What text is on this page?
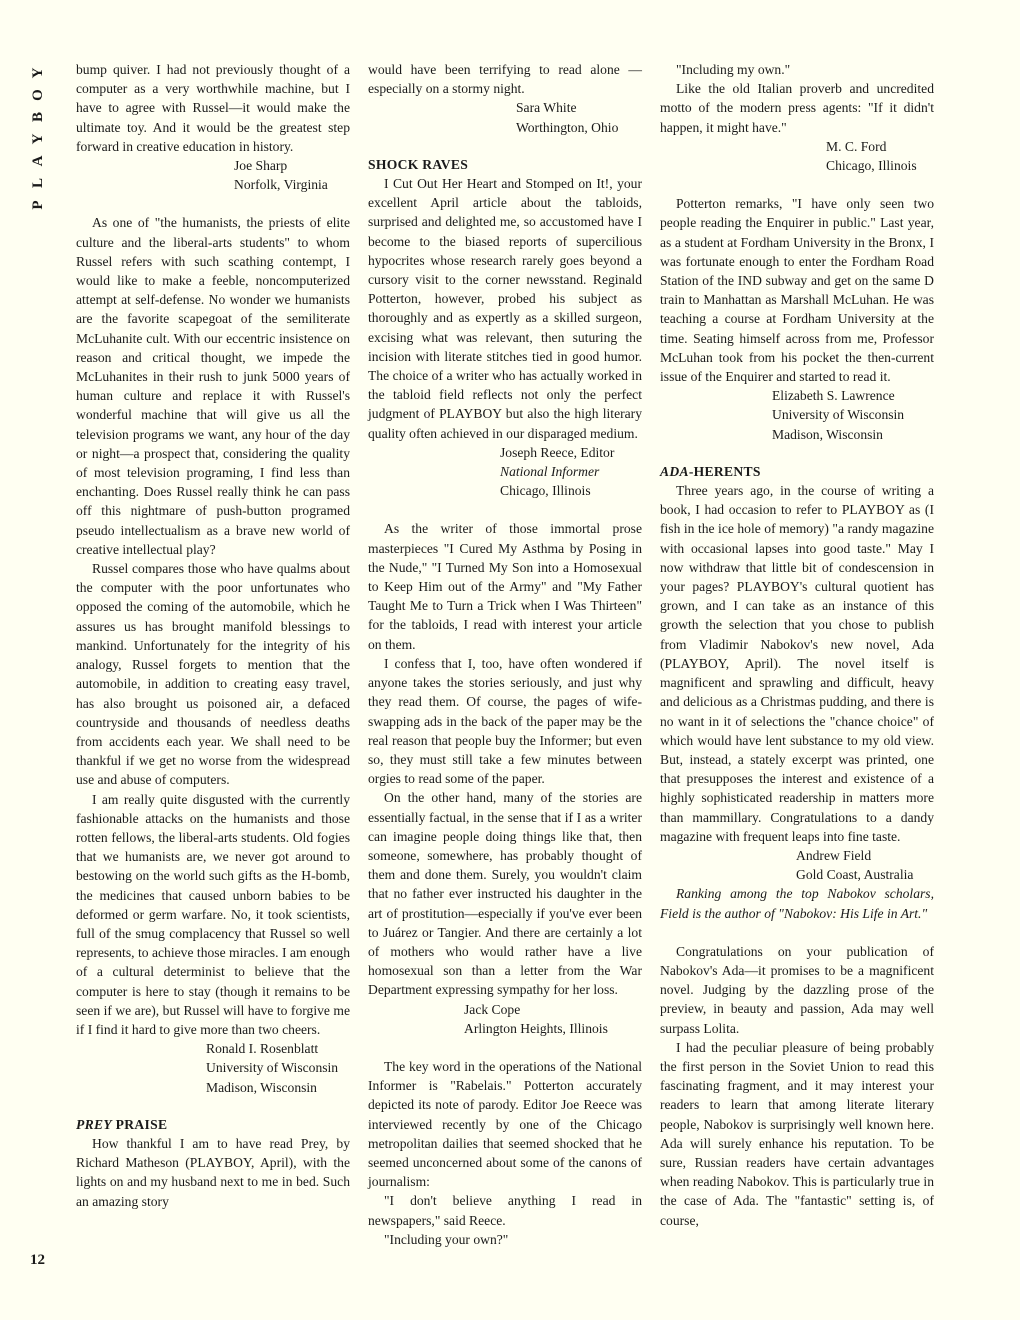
Y
O
B
Y
A
L
P
12

bump quiver. I had not previously thought of a computer as a very worthwhile machine, but I have to agree with Russel—it would make the ultimate toy. And it would be the greatest step forward in creative education in history.

Joe Sharp

Norfolk, Virginia

As one of "the humanists, the priests of elite culture and the liberal-arts students" to whom Russel refers with such scathing contempt, I would like to make a feeble, noncomputerized attempt at self-defense. No wonder we humanists are the favorite scapegoat of the semiliterate McLuhanite cult. With our eccentric insistence on reason and critical thought, we impede the McLuhanites in their rush to junk 5000 years of human culture and replace it with Russel's wonderful machine that will give us all the television programs we want, any hour of the day or night—a prospect that, considering the quality of most television programing, I find less than enchanting. Does Russel really think he can pass off this nightmare of push-button programed pseudo intellectualism as a brave new world of creative intellectual play?

Russel compares those who have qualms about the computer with the poor unfortunates who opposed the coming of the automobile, which he assures us has brought manifold blessings to mankind. Unfortunately for the integrity of his analogy, Russel forgets to mention that the automobile, in addition to creating easy travel, has also brought us poisoned air, a defaced countryside and thousands of needless deaths from accidents each year. We shall need to be thankful if we get no worse from the widespread use and abuse of computers.

I am really quite disgusted with the currently fashionable attacks on the humanists and those rotten fellows, the liberal-arts students. Old fogies that we humanists are, we never got around to bestowing on the world such gifts as the H-bomb, the medicines that caused unborn babies to be deformed or germ warfare. No, it took scientists, full of the smug complacency that Russel so well represents, to achieve those miracles. I am enough of a cultural determinist to believe that the computer is here to stay (though it remains to be seen if we are), but Russel will have to forgive me if I find it hard to give more than two cheers.

Ronald I. Rosenblatt

University of Wisconsin

Madison, Wisconsin

PREY PRAISE

How thankful I am to have read Prey, by Richard Matheson (PLAYBOY, April), with the lights on and my husband next to me in bed. Such an amazing story

would have been terrifying to read alone —especially on a stormy night.

Sara White

Worthington, Ohio

SHOCK RAVES

I Cut Out Her Heart and Stomped on It!, your excellent April article about the tabloids, surprised and delighted me, so accustomed have I become to the biased reports of supercilious hypocrites whose research rarely goes beyond a cursory visit to the corner newsstand. Reginald Potterton, however, probed his subject as thoroughly and as expertly as a skilled surgeon, excising what was relevant, then suturing the incision with literate stitches tied in good humor. The choice of a writer who has actually worked in the tabloid field reflects not only the perfect judgment of PLAYBOY but also the high literary quality often achieved in our disparaged medium.

Joseph Reece, Editor

National Informer

Chicago, Illinois

As the writer of those immortal prose masterpieces "I Cured My Asthma by Posing in the Nude," "I Turned My Son into a Homosexual to Keep Him out of the Army" and "My Father Taught Me to Turn a Trick when I Was Thirteen" for the tabloids, I read with interest your article on them.

I confess that I, too, have often wondered if anyone takes the stories seriously, and just why they read them. Of course, the pages of wife-swapping ads in the back of the paper may be the real reason that people buy the Informer; but even so, they must still take a few minutes between orgies to read some of the paper.

On the other hand, many of the stories are essentially factual, in the sense that if I as a writer can imagine people doing things like that, then someone, somewhere, has probably thought of them and done them. Surely, you wouldn't claim that no father ever instructed his daughter in the art of prostitution—especially if you've ever been to Juárez or Tangier. And there are certainly a lot of mothers who would rather have a live homosexual son than a letter from the War Department expressing sympathy for her loss.

Jack Cope

Arlington Heights, Illinois

The key word in the operations of the National Informer is "Rabelais." Potterton accurately depicted its note of parody. Editor Joe Reece was interviewed recently by one of the Chicago metropolitan dailies that seemed shocked that he seemed unconcerned about some of the canons of journalism:

"I don't believe anything I read in newspapers," said Reece.

"Including your own?"

"Including my own."

Like the old Italian proverb and uncredited motto of the modern press agents: "If it didn't happen, it might have."

M. C. Ford

Chicago, Illinois

Potterton remarks, "I have only seen two people reading the Enquirer in public." Last year, as a student at Fordham University in the Bronx, I was fortunate enough to enter the Fordham Road Station of the IND subway and get on the same D train to Manhattan as Marshall McLuhan. He was teaching a course at Fordham University at the time. Seating himself across from me, Professor McLuhan took from his pocket the then-current issue of the Enquirer and started to read it.

Elizabeth S. Lawrence

University of Wisconsin

Madison, Wisconsin

ADA-HERENTS

Three years ago, in the course of writing a book, I had occasion to refer to PLAYBOY as (I fish in the ice hole of memory) "a randy magazine with occasional lapses into good taste." May I now withdraw that little bit of condescension in your pages? PLAYBOY's cultural quotient has grown, and I can take as an instance of this growth the selection that you chose to publish from Vladimir Nabokov's new novel, Ada (PLAYBOY, April). The novel itself is magnificent and sprawling and difficult, heavy and delicious as a Christmas pudding, and there is no want in it of selections the "chance choice" of which would have lent substance to my old view. But, instead, a stately excerpt was printed, one that presupposes the interest and existence of a highly sophisticated readership in matters more than mammillary. Congratulations to a dandy magazine with frequent leaps into fine taste.

Andrew Field

Gold Coast, Australia

Ranking among the top Nabokov scholars, Field is the author of "Nabokov: His Life in Art."

Congratulations on your publication of Nabokov's Ada—it promises to be a magnificent novel. Judging by the dazzling prose of the preview, in beauty and passion, Ada may well surpass Lolita.

I had the peculiar pleasure of being probably the first person in the Soviet Union to read this fascinating fragment, and it may interest your readers to learn that among literate literary people, Nabokov is surprisingly well known here. Ada will surely enhance his reputation. To be sure, Russian readers have certain advantages when reading Nabokov. This is particularly true in the case of Ada. The "fantastic" setting is, of course,
